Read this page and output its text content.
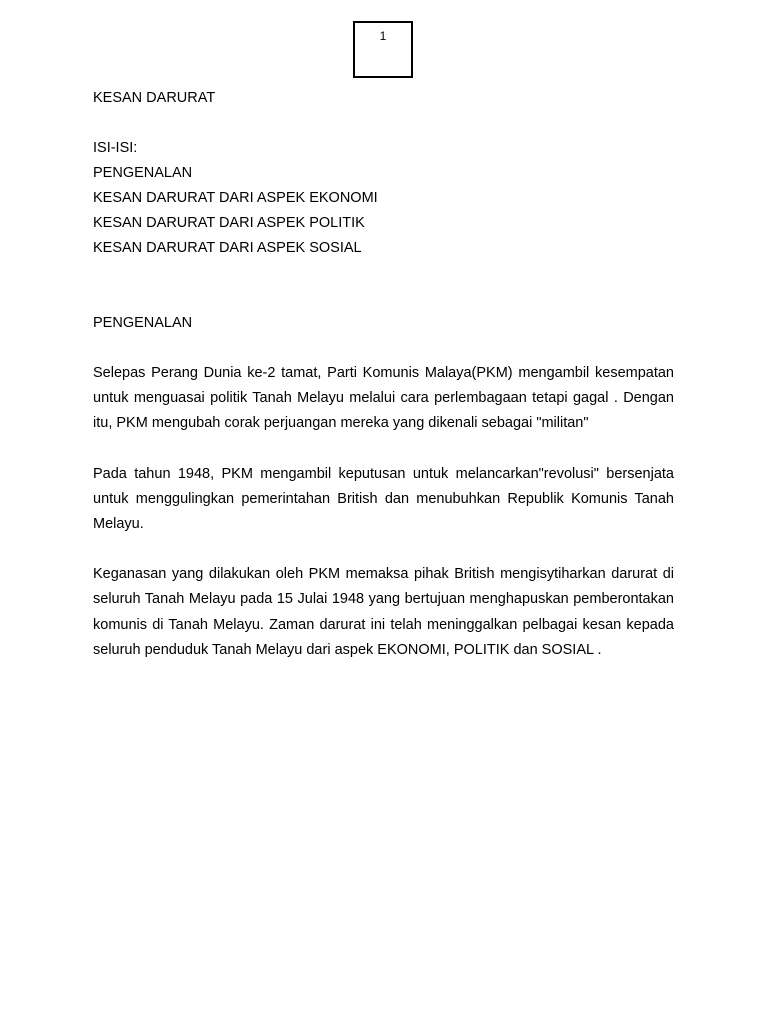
1

KESAN DARURAT

ISI-ISI:

PENGENALAN

KESAN DARURAT DARI ASPEK EKONOMI

KESAN DARURAT DARI ASPEK POLITIK

KESAN DARURAT DARI ASPEK SOSIAL

PENGENALAN

Selepas Perang Dunia ke-2 tamat, Parti Komunis Malaya(PKM) mengambil kesempatan untuk menguasai politik Tanah Melayu melalui cara perlembagaan tetapi gagal . Dengan itu, PKM mengubah corak perjuangan mereka yang dikenali sebagai "militan"

Pada tahun 1948, PKM mengambil keputusan untuk melancarkan"revolusi" bersenjata untuk menggulingkan pemerintahan British dan menubuhkan Republik Komunis Tanah Melayu.

Keganasan yang dilakukan oleh PKM memaksa pihak British mengisytiharkan darurat di seluruh Tanah Melayu pada 15 Julai 1948 yang bertujuan menghapuskan pemberontakan komunis di Tanah Melayu. Zaman darurat ini telah meninggalkan pelbagai kesan kepada seluruh penduduk Tanah Melayu dari aspek EKONOMI, POLITIK dan SOSIAL .
